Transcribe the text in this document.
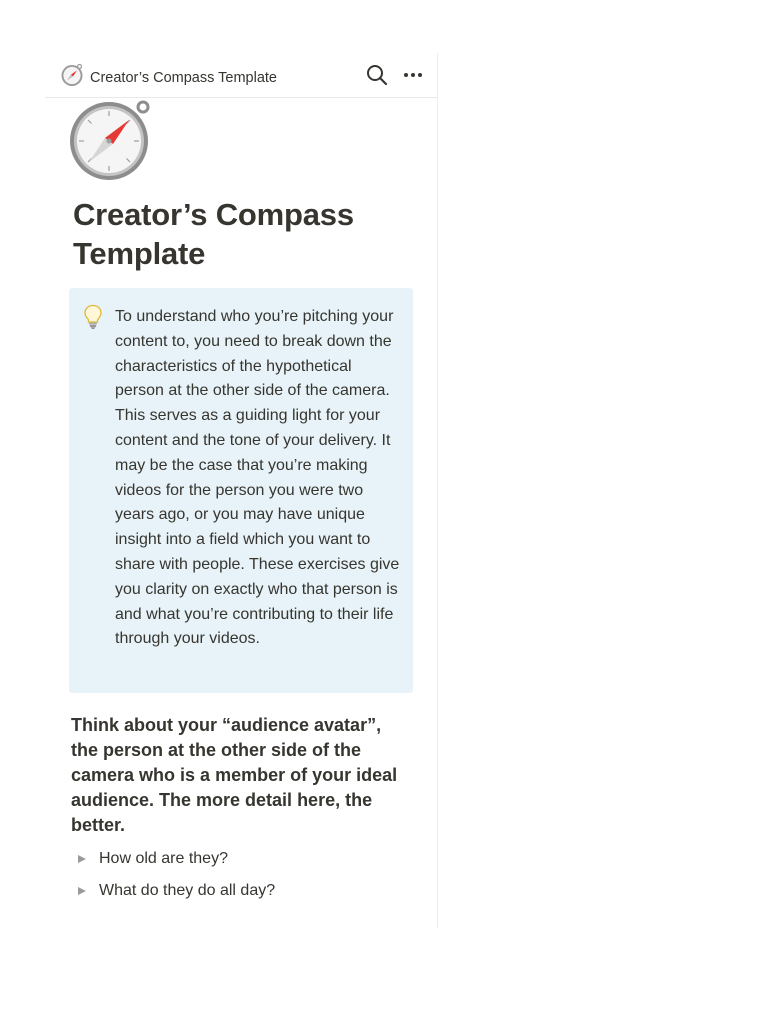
Creator’s Compass Template
Creator’s Compass Template
To understand who you’re pitching your content to, you need to break down the characteristics of the hypothetical person at the other side of the camera. This serves as a guiding light for your content and the tone of your delivery. It may be the case that you’re making videos for the person you were two years ago, or you may have unique insight into a field which you want to share with people. These exercises give you clarity on exactly who that person is and what you’re contributing to their life through your videos.
Think about your “audience avatar”, the person at the other side of the camera who is a member of your ideal audience. The more detail here, the better.
How old are they?
What do they do all day?
